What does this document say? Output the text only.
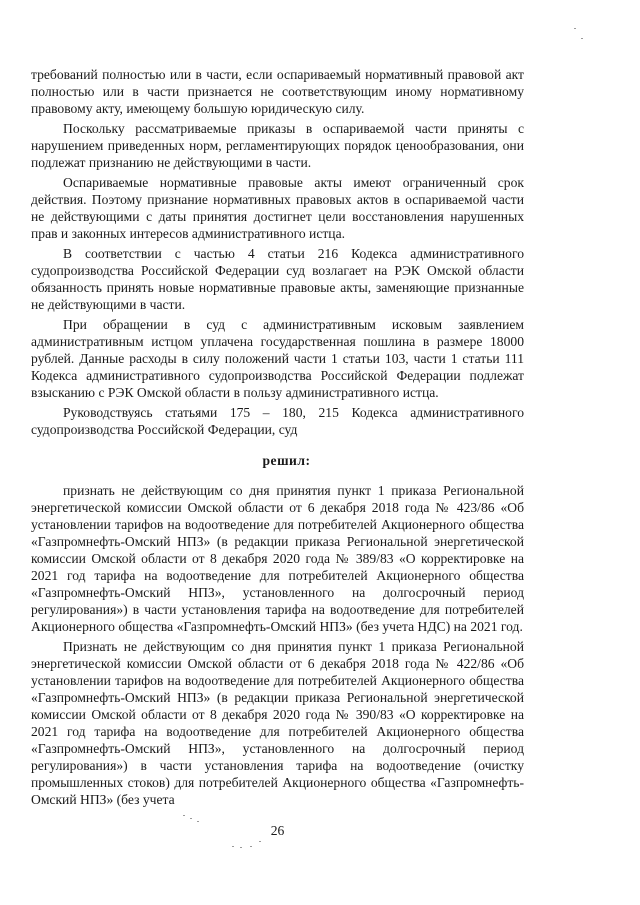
требований полностью или в части, если оспариваемый нормативный правовой акт полностью или в части признается не соответствующим иному нормативному правовому акту, имеющему большую юридическую силу.

Поскольку рассматриваемые приказы в оспариваемой части приняты с нарушением приведенных норм, регламентирующих порядок ценообразования, они подлежат признанию не действующими в части.

Оспариваемые нормативные правовые акты имеют ограниченный срок действия. Поэтому признание нормативных правовых актов в оспариваемой части не действующими с даты принятия достигнет цели восстановления нарушенных прав и законных интересов административного истца.

В соответствии с частью 4 статьи 216 Кодекса административного судопроизводства Российской Федерации суд возлагает на РЭК Омской области обязанность принять новые нормативные правовые акты, заменяющие признанные не действующими в части.

При обращении в суд с административным исковым заявлением административным истцом уплачена государственная пошлина в размере 18000 рублей. Данные расходы в силу положений части 1 статьи 103, части 1 статьи 111 Кодекса административного судопроизводства Российской Федерации подлежат взысканию с РЭК Омской области в пользу административного истца.

Руководствуясь статьями 175 – 180, 215 Кодекса административного судопроизводства Российской Федерации, суд

решил:

признать не действующим со дня принятия пункт 1 приказа Региональной энергетической комиссии Омской области от 6 декабря 2018 года № 423/86 «Об установлении тарифов на водоотведение для потребителей Акционерного общества «Газпромнефть-Омский НПЗ» (в редакции приказа Региональной энергетической комиссии Омской области от 8 декабря 2020 года № 389/83 «О корректировке на 2021 год тарифа на водоотведение для потребителей Акционерного общества «Газпромнефть-Омский НПЗ», установленного на долгосрочный период регулирования») в части установления тарифа на водоотведение для потребителей Акционерного общества «Газпромнефть-Омский НПЗ» (без учета НДС) на 2021 год.

Признать не действующим со дня принятия пункт 1 приказа Региональной энергетической комиссии Омской области от 6 декабря 2018 года № 422/86 «Об установлении тарифов на водоотведение для потребителей Акционерного общества «Газпромнефть-Омский НПЗ» (в редакции приказа Региональной энергетической комиссии Омской области от 8 декабря 2020 года № 390/83 «О корректировке на 2021 год тарифа на водоотведение для потребителей Акционерного общества «Газпромнефть-Омский НПЗ», установленного на долгосрочный период регулирования») в части установления тарифа на водоотведение (очистку промышленных стоков) для потребителей Акционерного общества «Газпромнефть-Омский НПЗ» (без учета

26
